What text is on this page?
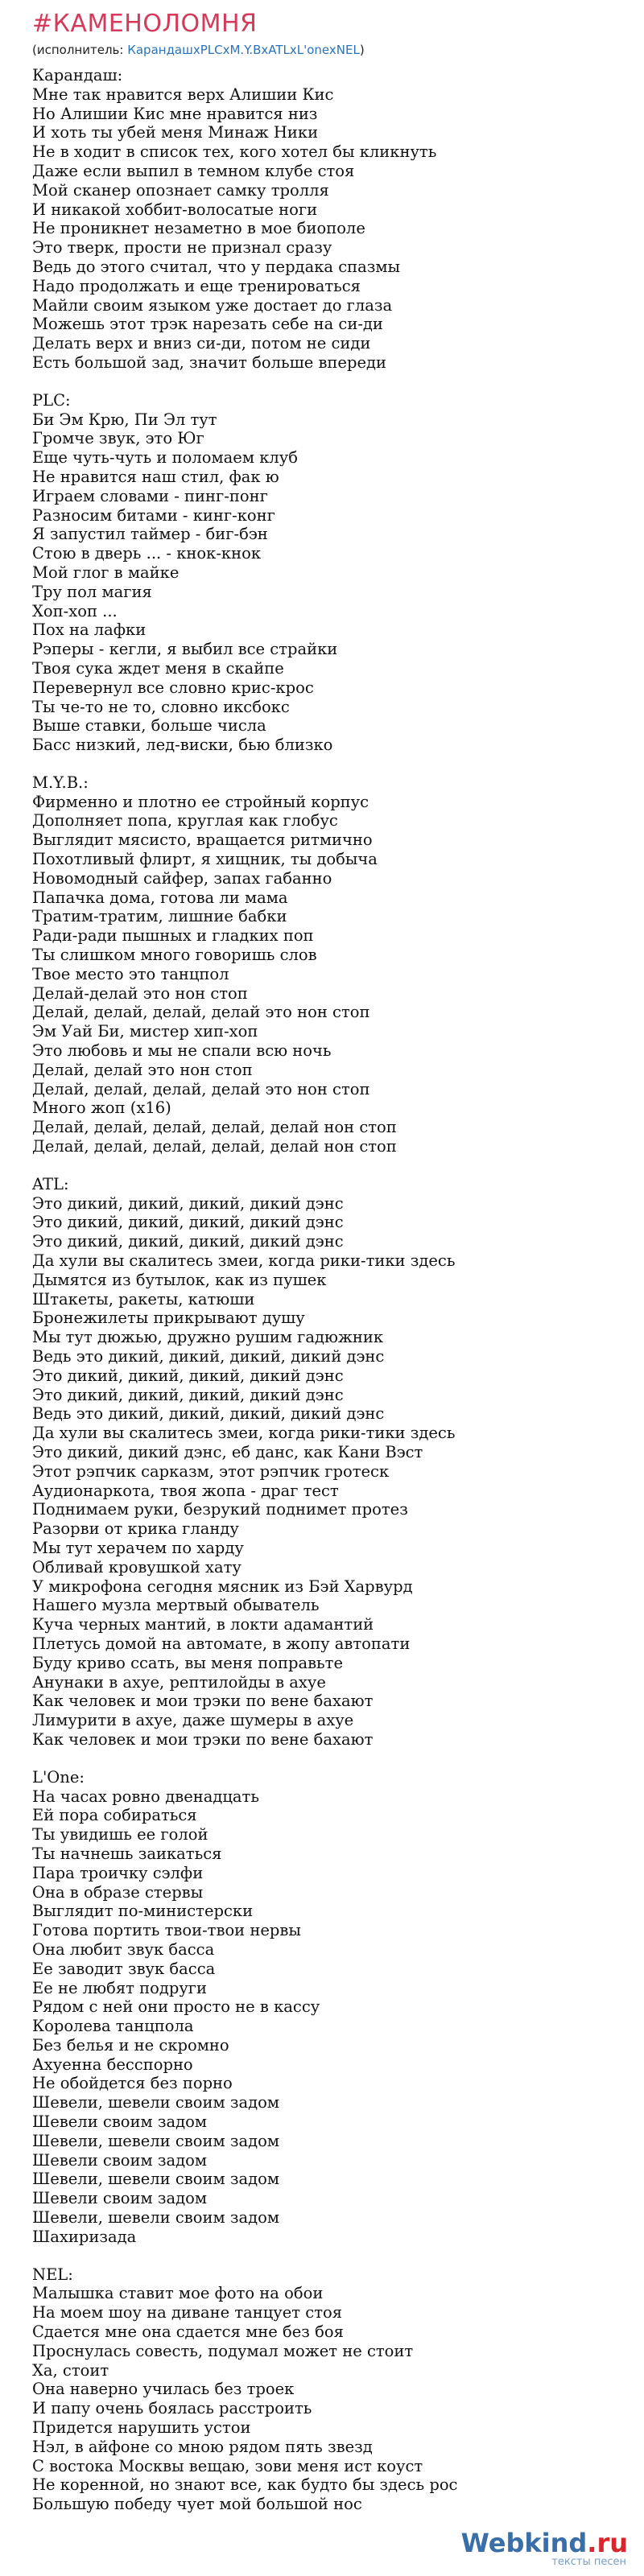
#КАМЕНОЛОМНЯ
(исполнитель: КарандашxPLCxM.Y.BxATLxL'onexNEL)
Карандаш:
Мне так нравится верх Алишии Кис
Но Алишии Кис мне нравится низ
И хоть ты убей меня Минаж Ники
Не в ходит в список тех, кого хотел бы кликнуть
Даже если выпил в темном клубе стоя
Мой сканер опознает самку тролля
И никакой хоббит-волосатые ноги
Не проникнет незаметно в мое биополе
Это тверк, прости не признал сразу
Ведь до этого считал, что у пердака спазмы
Надо продолжать и еще тренироваться
Майли своим языком уже достает до глаза
Можешь этот трэк нарезать себе на си-ди
Делать верх и вниз си-ди, потом не сиди
Есть большой зад, значит больше впереди
PLC:
Би Эм Крю, Пи Эл тут
Громче звук, это Юг
Еще чуть-чуть и поломаем клуб
Не нравится наш стил, фак ю
Играем словами - пинг-понг
Разносим битами - кинг-конг
Я запустил таймер - биг-бэн
Стою в дверь ... - кнок-кнок
Мой глог в майке
Тру пол магия
Хоп-хоп ...
Пох на лафки
Рэперы - кегли, я выбил все страйки
Твоя сука ждет меня в скайпе
Перевернул все словно крис-крос
Ты че-то не то, словно иксбокс
Выше ставки, больше числа
Басс низкий, лед-виски, бью близко
M.Y.B.:
Фирменно и плотно ее стройный корпус
Дополняет попа, круглая как глобус
Выглядит мясисто, вращается ритмично
Похотливый флирт, я хищник, ты добыча
Новомодный сайфер, запах габанно
Папачка дома, готова ли мама
Тратим-тратим, лишние бабки
Ради-ради пышных и гладких поп
Ты слишком много говоришь слов
Твое место это танцпол
Делай-делай это нон стоп
Делай, делай, делай, делай это нон стоп
Эм Уай Би, мистер хип-хоп
Это любовь и мы не спали всю ночь
Делай, делай это нон стоп
Делай, делай, делай, делай это нон стоп
Много жоп (x16)
Делай, делай, делай, делай, делай нон стоп
Делай, делай, делай, делай, делай нон стоп
ATL:
Это дикий, дикий, дикий, дикий дэнс
Это дикий, дикий, дикий, дикий дэнс
Это дикий, дикий, дикий, дикий дэнс
Да хули вы скалитесь змеи, когда рики-тики здесь
Дымятся из бутылок, как из пушек
Штакеты, ракеты, катюши
Бронежилеты прикрывают душу
Мы тут дюжью, дружно рушим гадюжник
Ведь это дикий, дикий, дикий, дикий дэнс
Это дикий, дикий, дикий, дикий дэнс
Это дикий, дикий, дикий, дикий дэнс
Ведь это дикий, дикий, дикий, дикий дэнс
Да хули вы скалитесь змеи, когда рики-тики здесь
Это дикий, дикий дэнс, еб данс, как Кани Вэст
Этот рэпчик сарказм, этот рэпчик гротеск
Аудионаркота, твоя жопа - драг тест
Поднимаем руки, безрукий поднимет протез
Разорви от крика гланду
Мы тут херачем по харду
Обливай кровушкой хату
У микрофона сегодня мясник из Бэй Харвурд
Нашего музла мертвый обыватель
Куча черных мантий, в локти адамантий
Плетусь домой на автомате, в жопу автопати
Буду криво ссать, вы меня поправьте
Анунаки в ахуе, рептилойды в ахуе
Как человек и мои трэки по вене бахают
Лимурити в ахуе, даже шумеры в ахуе
Как человек и мои трэки по вене бахают
L'One:
На часах ровно двенадцать
Ей пора собираться
Ты увидишь ее голой
Ты начнешь заикаться
Пара троичку сэлфи
Она в образе стервы
Выглядит по-министерски
Готова портить твои-твои нервы
Она любит звук басса
Ее заводит звук басса
Ее не любят подруги
Рядом с ней они просто не в кассу
Королева танцпола
Без белья и не скромно
Ахуенна бесспорно
Не обойдется без порно
Шевели, шевели своим задом
Шевели своим задом
Шевели, шевели своим задом
Шевели своим задом
Шевели, шевели своим задом
Шевели своим задом
Шевели, шевели своим задом
Шахиризада
NEL:
Малышка ставит мое фото на обои
На моем шоу на диване танцует стоя
Сдается мне она сдается мне без боя
Проснулась совесть, подумал может не стоит
Ха, стоит
Она наверно училась без троек
И папу очень боялась расстроить
Придется нарушить устои
Нэл, в айфоне со мною рядом пять звезд
С востока Москвы вещаю, зови меня ист коуст
Не коренной, но знают все, как будто бы здесь рос
Большую победу чует мой большой нос
Webkind.ru
тексты песен
